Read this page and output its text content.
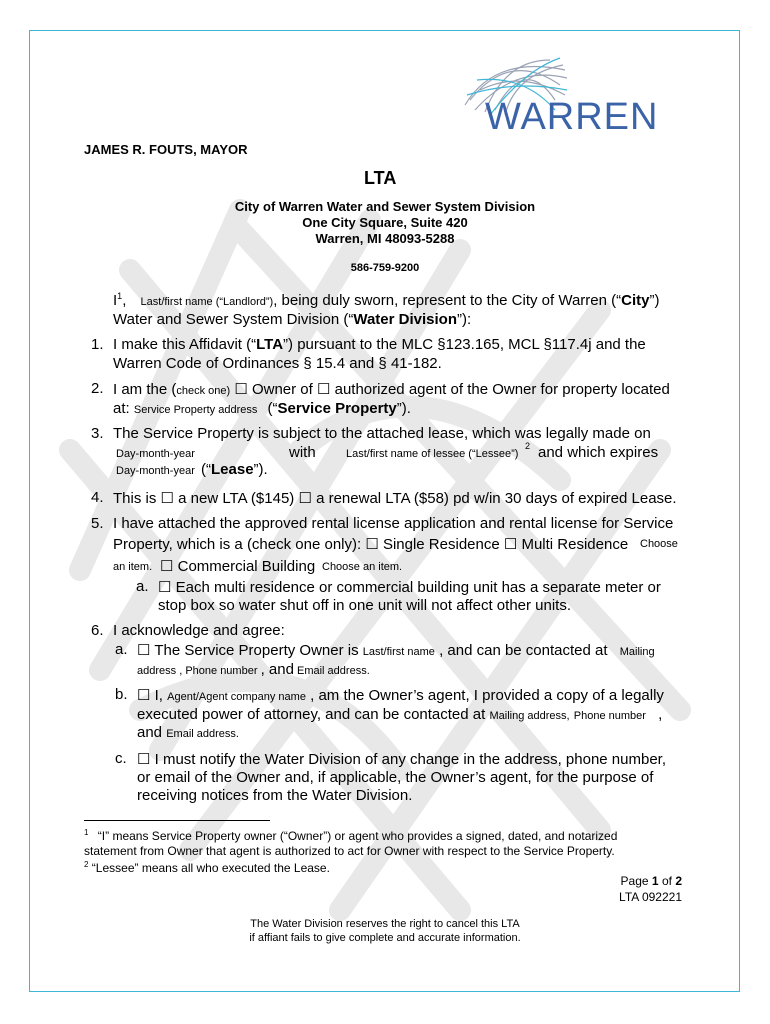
WARREN
JAMES R. FOUTS, MAYOR
LTA
City of Warren Water and Sewer System Division
One City Square, Suite 420
Warren, MI 48093-5288
586-759-9200
$I^1$, Last/first name (“Landlord”), being duly sworn, represent to the City of Warren (“City”)
Water and Sewer System Division (“Water Division”):
1. I make this Affidavit (“LTA”) pursuant to the MLC §123.165, MCL §117.4j and the
Warren Code of Ordinances § 15.4 and § 41-182.
2. I am the (check one) ☐ Owner of ☐ authorized agent of the Owner for property located
at: Service Property address (“Service Property”).
3. The Service Property is subject to the attached lease, which was legally made on
Day-month-year	with	Last/first name of lessee (“Lessee”)
2 and which expires
Day-month-year (“Lease”).
4. This is ☐ a new LTA ($145) ☐ a renewal LTA ($58) pd w/in 30 days of expired Lease.
5. I have attached the approved rental license application and rental license for Service
Property, which is a (check one only): ☐ Single Residence ☐ Multi Residence Choose
an item. ☐ Commercial Building Choose an item.
a. ☐ Each multi residence or commercial building unit has a separate meter or
stop box so water shut off in one unit will not affect other units.
6. I acknowledge and agree:
a. ☐ The Service Property Owner is Last/first name , and can be contacted at Mailing
address , Phone number , and Email address.
b. ☐ I, Agent/Agent company name , am the Owner’s agent, I provided a copy of a legally
executed power of attorney, and can be contacted at Mailing address, Phone number ,
and Email address.
c. ☐ I must notify the Water Division of any change in the address, phone number,
or email of the Owner and, if applicable, the Owner’s agent, for the purpose of
receiving notices from the Water Division.
$^1$ “I” means Service Property owner (“Owner”) or agent who provides a signed, dated, and notarized
statement from Owner that agent is authorized to act for Owner with respect to the Service Property.
$^2$ “Lessee” means all who executed the Lease.
Page 1 of 2
LTA 092221
The Water Division reserves the right to cancel this LTA
if affiant fails to give complete and accurate information.
